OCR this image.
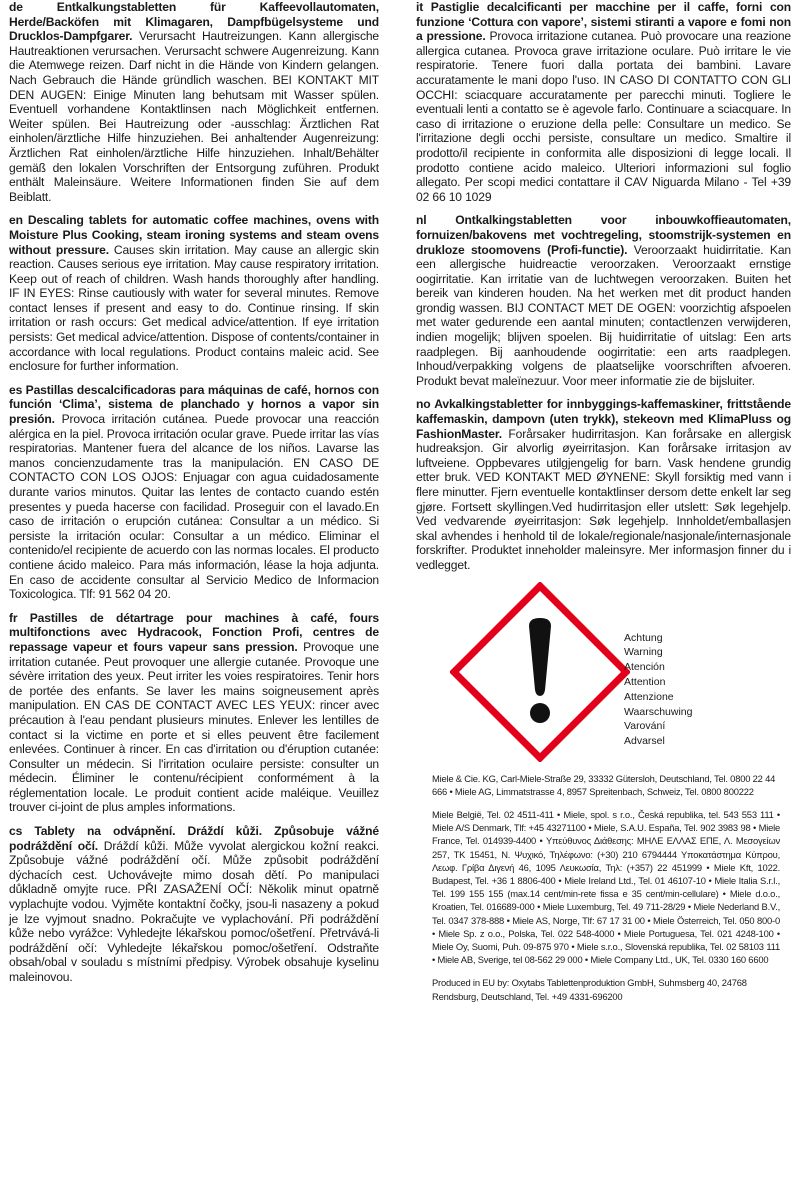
de Entkalkungstabletten für Kaffeevollautomaten, Herde/Backöfen mit Klimagaren, Dampfbügelsysteme und Drucklos-Dampfgarer. Verursacht Hautreizungen. Kann allergische Hautreaktionen verursachen. Verursacht schwere Augenreizung. Kann die Atemwege reizen. Darf nicht in die Hände von Kindern gelangen. Nach Gebrauch die Hände gründlich waschen. BEI KONTAKT MIT DEN AUGEN: Einige Minuten lang behutsam mit Wasser spülen. Eventuell vorhandene Kontaktlinsen nach Möglichkeit entfernen. Weiter spülen. Bei Hautreizung oder -ausschlag: Ärztlichen Rat einholen/ärztliche Hilfe hinzuziehen. Bei anhaltender Augenreizung: Ärztlichen Rat einholen/ärztliche Hilfe hinzuziehen. Inhalt/Behälter gemäß den lokalen Vorschriften der Entsorgung zuführen. Produkt enthält Maleinsäure. Weitere Informationen finden Sie auf dem Beiblatt.

en Descaling tablets for automatic coffee machines, ovens with Moisture Plus Cooking, steam ironing systems and steam ovens without pressure. Causes skin irritation. May cause an allergic skin reaction. Causes serious eye irritation. May cause respiratory irritation. Keep out of reach of children. Wash hands thoroughly after handling. IF IN EYES: Rinse cautiously with water for several minutes. Remove contact lenses if present and easy to do. Continue rinsing. If skin irritation or rash occurs: Get medical advice/attention. If eye irritation persists: Get medical advice/attention. Dispose of contents/container in accordance with local regulations. Product contains maleic acid. See enclosure for further information.

es Pastillas descalcificadoras para máquinas de café, hornos con función ‘Clima’, sistema de planchado y hornos a vapor sin presión. Provoca irritación cutánea. Puede provocar una reacción alérgica en la piel. Provoca irritación ocular grave. Puede irritar las vías respiratorias. Mantener fuera del alcance de los niños. Lavarse las manos concienzudamente tras la manipulación. EN CASO DE CONTACTO CON LOS OJOS: Enjuagar con agua cuidadosamente durante varios minutos. Quitar las lentes de contacto cuando estén presentes y pueda hacerse con facilidad. Proseguir con el lavado.En caso de irritación o erupción cutánea: Consultar a un médico. Si persiste la irritación ocular: Consultar a un médico. Eliminar el contenido/el recipiente de acuerdo con las normas locales. El producto contiene ácido maleico. Para más información, léase la hoja adjunta. En caso de accidente consultar al Servicio Medico de Informacion Toxicologica. Tlf: 91 562 04 20.

fr Pastilles de détartrage pour machines à café, fours multifonctions avec Hydracook, Fonction Profi, centres de repassage vapeur et fours vapeur sans pression. Provoque une irritation cutanée. Peut provoquer une allergie cutanée. Provoque une sévère irritation des yeux. Peut irriter les voies respiratoires. Tenir hors de portée des enfants. Se laver les mains soigneusement après manipulation. EN CAS DE CONTACT AVEC LES YEUX: rincer avec précaution à l'eau pendant plusieurs minutes. Enlever les lentilles de contact si la victime en porte et si elles peuvent être facilement enlevées. Continuer à rincer. En cas d'irritation ou d'éruption cutanée: Consulter un médecin. Si l'irritation oculaire persiste: consulter un médecin. Éliminer le contenu/récipient conformément à la réglementation locale. Le produit contient acide maléique. Veuillez trouver ci-joint de plus amples informations.

cs Tablety na odvápnění. Dráždí kůži. Způsobuje vážné podráždění očí. Dráždí kůži. Může vyvolat alergickou kožní reakci. Způsobuje vážné podráždění očí. Může způsobit podráždění dýchacích cest. Uchovávejte mimo dosah dětí. Po manipulaci důkladně omyjte ruce. PŘI ZASAŽENÍ OČÍ: Několik minut opatrně vyplachujte vodou. Vyjměte kontaktní čočky, jsou-li nasazeny a pokud je lze vyjmout snadno. Pokračujte ve vyplachování. Při podráždění kůže nebo vyrážce: Vyhledejte lékařskou pomoc/ošetření. Přetrvává-li podráždění očí: Vyhledejte lékařskou pomoc/ošetření. Odstraňte obsah/obal v souladu s místními předpisy. Výrobek obsahuje kyselinu maleinovou.

it Pastiglie decalcificanti per macchine per il caffe, forni con funzione ‘Cottura con vapore’, sistemi stiranti a vapore e fomi non a pressione. Provoca irritazione cutanea. Può provocare una reazione allergica cutanea. Provoca grave irritazione oculare. Può irritare le vie respiratorie. Tenere fuori dalla portata dei bambini. Lavare accuratamente le mani dopo l'uso. IN CASO DI CONTATTO CON GLI OCCHI: sciacquare accuratamente per parecchi minuti. Togliere le eventuali lenti a contatto se è agevole farlo. Continuare a sciacquare. In caso di irritazione o eruzione della pelle: Consultare un medico. Se l'irritazione degli occhi persiste, consultare un medico. Smaltire il prodotto/il recipiente in conformita alle disposizioni di legge locali. Il prodotto contiene acido maleico. Ulteriori informazioni sul foglio allegato. Per scopi medici contattare il CAV Niguarda Milano - Tel +39 02 66 10 1029

nl Ontkalkingstabletten voor inbouwkoffieautomaten, fornuizen/bakovens met vochtregeling, stoomstrijk-systemen en drukloze stoomovens (Profi-functie). Veroorzaakt huidirritatie. Kan een allergische huidreactie veroorzaken. Veroorzaakt ernstige oogirritatie. Kan irritatie van de luchtwegen veroorzaken. Buiten het bereik van kinderen houden. Na het werken met dit product handen grondig wassen. BIJ CONTACT MET DE OGEN: voorzichtig afspoelen met water gedurende een aantal minuten; contactlenzen verwijderen, indien mogelijk; blijven spoelen. Bij huidirritatie of uitslag: Een arts raadplegen. Bij aanhoudende oogirritatie: een arts raadplegen. Inhoud/verpakking volgens de plaatselijke voorschriften afvoeren. Produkt bevat maleïnezuur. Voor meer informatie zie de bijsluiter.

no Avkalkingstabletter for innbyggings-kaffemaskiner, frittstående kaffemaskin, dampovn (uten trykk), stekeovn med KlimaPluss og FashionMaster. Forårsaker hudirritasjon. Kan forårsake en allergisk hudreaksjon. Gir alvorlig øyeirritasjon. Kan forårsake irritasjon av luftveiene. Oppbevares utilgjengelig for barn. Vask hendene grundig etter bruk. VED KONTAKT MED ØYNENE: Skyll forsiktig med vann i flere minutter. Fjern eventuelle kontaktlinser dersom dette enkelt lar seg gjøre. Fortsett skyllingen.Ved hudirritasjon eller utslett: Søk legehjelp. Ved vedvarende øyeirritasjon: Søk legehjelp. Innholdet/emballasjen skal avhendes i henhold til de lokale/regionale/nasjonale/internasjonale forskrifter. Produktet inneholder maleinsyre. Mer informasjon finner du i vedlegget.

Achtung
Warning
Atención
Attention
Attenzione
Waarschuwing
Varování
Advarsel

Miele & Cie. KG, Carl-Miele-Straße 29, 33332 Gütersloh, Deutschland, Tel. 0800 22 44 666 • Miele AG, Limmatstrasse 4, 8957 Spreitenbach, Schweiz, Tel. 0800 800222

Miele België, Tel. 02 4511-411 • Miele, spol. s r.o., Česká republika, tel. 543 553 111 • Miele A/S Denmark, Tlf: +45 43271100 • Miele, S.A.U. España, Tel. 902 3983 98 • Miele France, Tel. 014939-4400 • Υπεύθυνος Διάθεσης: ΜΗΛΕ ΕΛΛΑΣ ΕΠΕ, Λ. Μεσογείων 257, ΤΚ 15451, Ν. Ψυχικό, Τηλέφωνο: (+30) 210 6794444 Υποκατάστημα Κύπρου, Λεωφ. Γρίβα Διγενή 46, 1095 Λευκωσία, Τηλ: (+357) 22 451999 • Miele Kft, 1022. Budapest, Tel. +36 1 8806-400 • Miele Ireland Ltd., Tel. 01 46107-10 • Miele Italia S.r.l., Tel. 199 155 155 (max.14 cent/min-rete fissa e 35 cent/min-cellulare) • Miele d.o.o., Kroatien, Tel. 016689-000 • Miele Luxemburg, Tel. 49 711-28/29 • Miele Nederland B.V., Tel. 0347 378-888 • Miele AS, Norge, Tlf: 67 17 31 00 • Miele Österreich, Tel. 050 800-0 • Miele Sp. z o.o., Polska, Tel. 022 548-4000 • Miele Portuguesa, Tel. 021 4248-100 • Miele Oy, Suomi, Puh. 09-875 970 • Miele s.r.o., Slovenská republika, Tel. 02 58103 111 • Miele AB, Sverige, tel 08-562 29 000 • Miele Company Ltd., UK, Tel. 0330 160 6600

Produced in EU by: Oxytabs Tablettenproduktion GmbH, Suhmsberg 40, 24768 Rendsburg, Deutschland, Tel. +49 4331-696200
